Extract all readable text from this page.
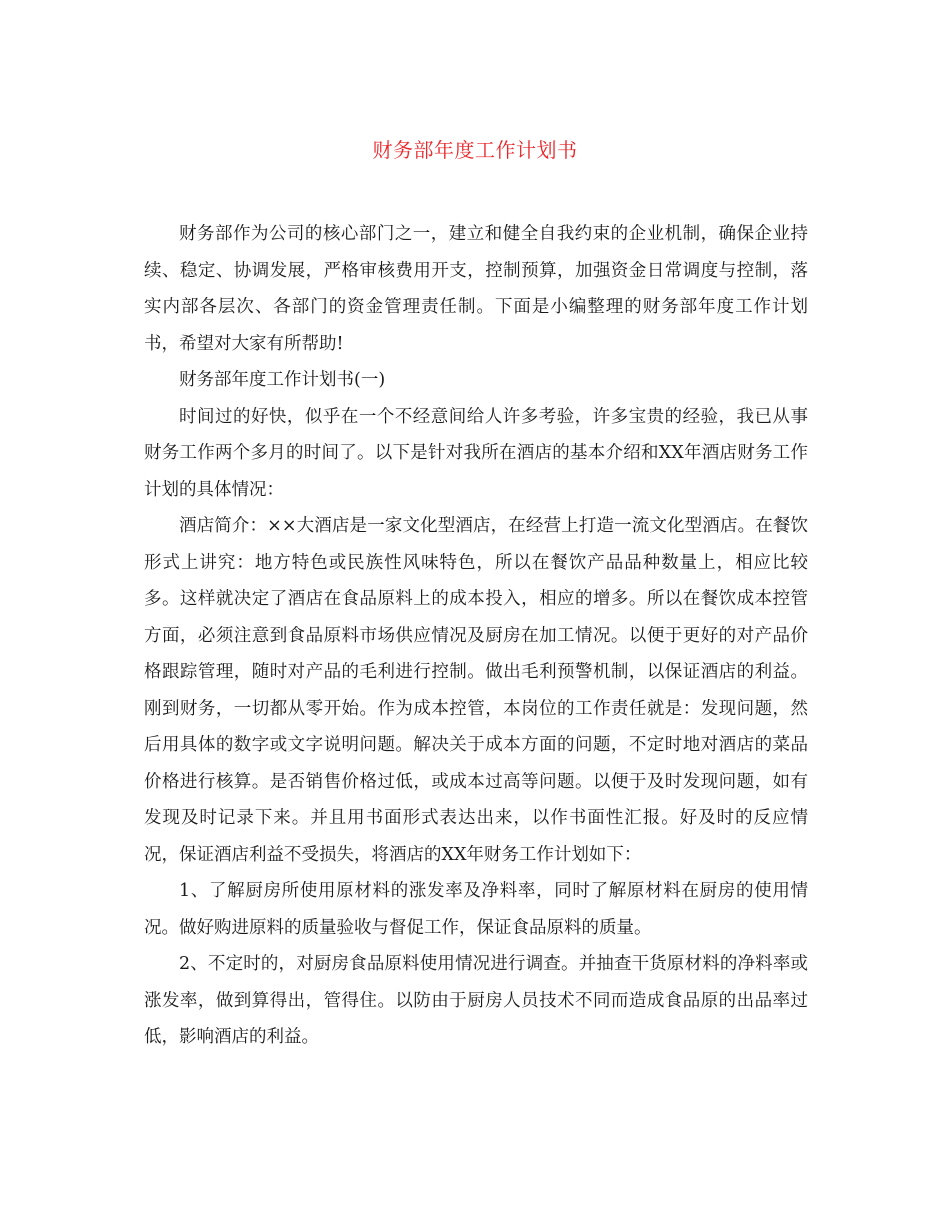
财务部年度工作计划书

财务部作为公司的核心部门之一，建立和健全自我约束的企业机制，确保企业持续、稳定、协调发展，严格审核费用开支，控制预算，加强资金日常调度与控制，落实内部各层次、各部门的资金管理责任制。下面是小编整理的财务部年度工作计划书，希望对大家有所帮助!

财务部年度工作计划书(一)

时间过的好快，似乎在一个不经意间给人许多考验，许多宝贵的经验，我已从事财务工作两个多月的时间了。以下是针对我所在酒店的基本介绍和XX年酒店财务工作计划的具体情况：

酒店简介：××大酒店是一家文化型酒店，在经营上打造一流文化型酒店。在餐饮形式上讲究：地方特色或民族性风味特色，所以在餐饮产品品种数量上，相应比较多。这样就决定了酒店在食品原料上的成本投入，相应的增多。所以在餐饮成本控管方面，必须注意到食品原料市场供应情况及厨房在加工情况。以便于更好的对产品价格跟踪管理，随时对产品的毛利进行控制。做出毛利预警机制，以保证酒店的利益。刚到财务，一切都从零开始。作为成本控管，本岗位的工作责任就是：发现问题，然后用具体的数字或文字说明问题。解决关于成本方面的问题，不定时地对酒店的菜品价格进行核算。是否销售价格过低，或成本过高等问题。以便于及时发现问题，如有发现及时记录下来。并且用书面形式表达出来，以作书面性汇报。好及时的反应情况，保证酒店利益不受损失，将酒店的XX年财务工作计划如下：

1、了解厨房所使用原材料的涨发率及净料率，同时了解原材料在厨房的使用情况。做好购进原料的质量验收与督促工作，保证食品原料的质量。

2、不定时的，对厨房食品原料使用情况进行调查。并抽查干货原材料的净料率或涨发率，做到算得出，管得住。以防由于厨房人员技术不同而造成食品原的出品率过低，影响酒店的利益。
